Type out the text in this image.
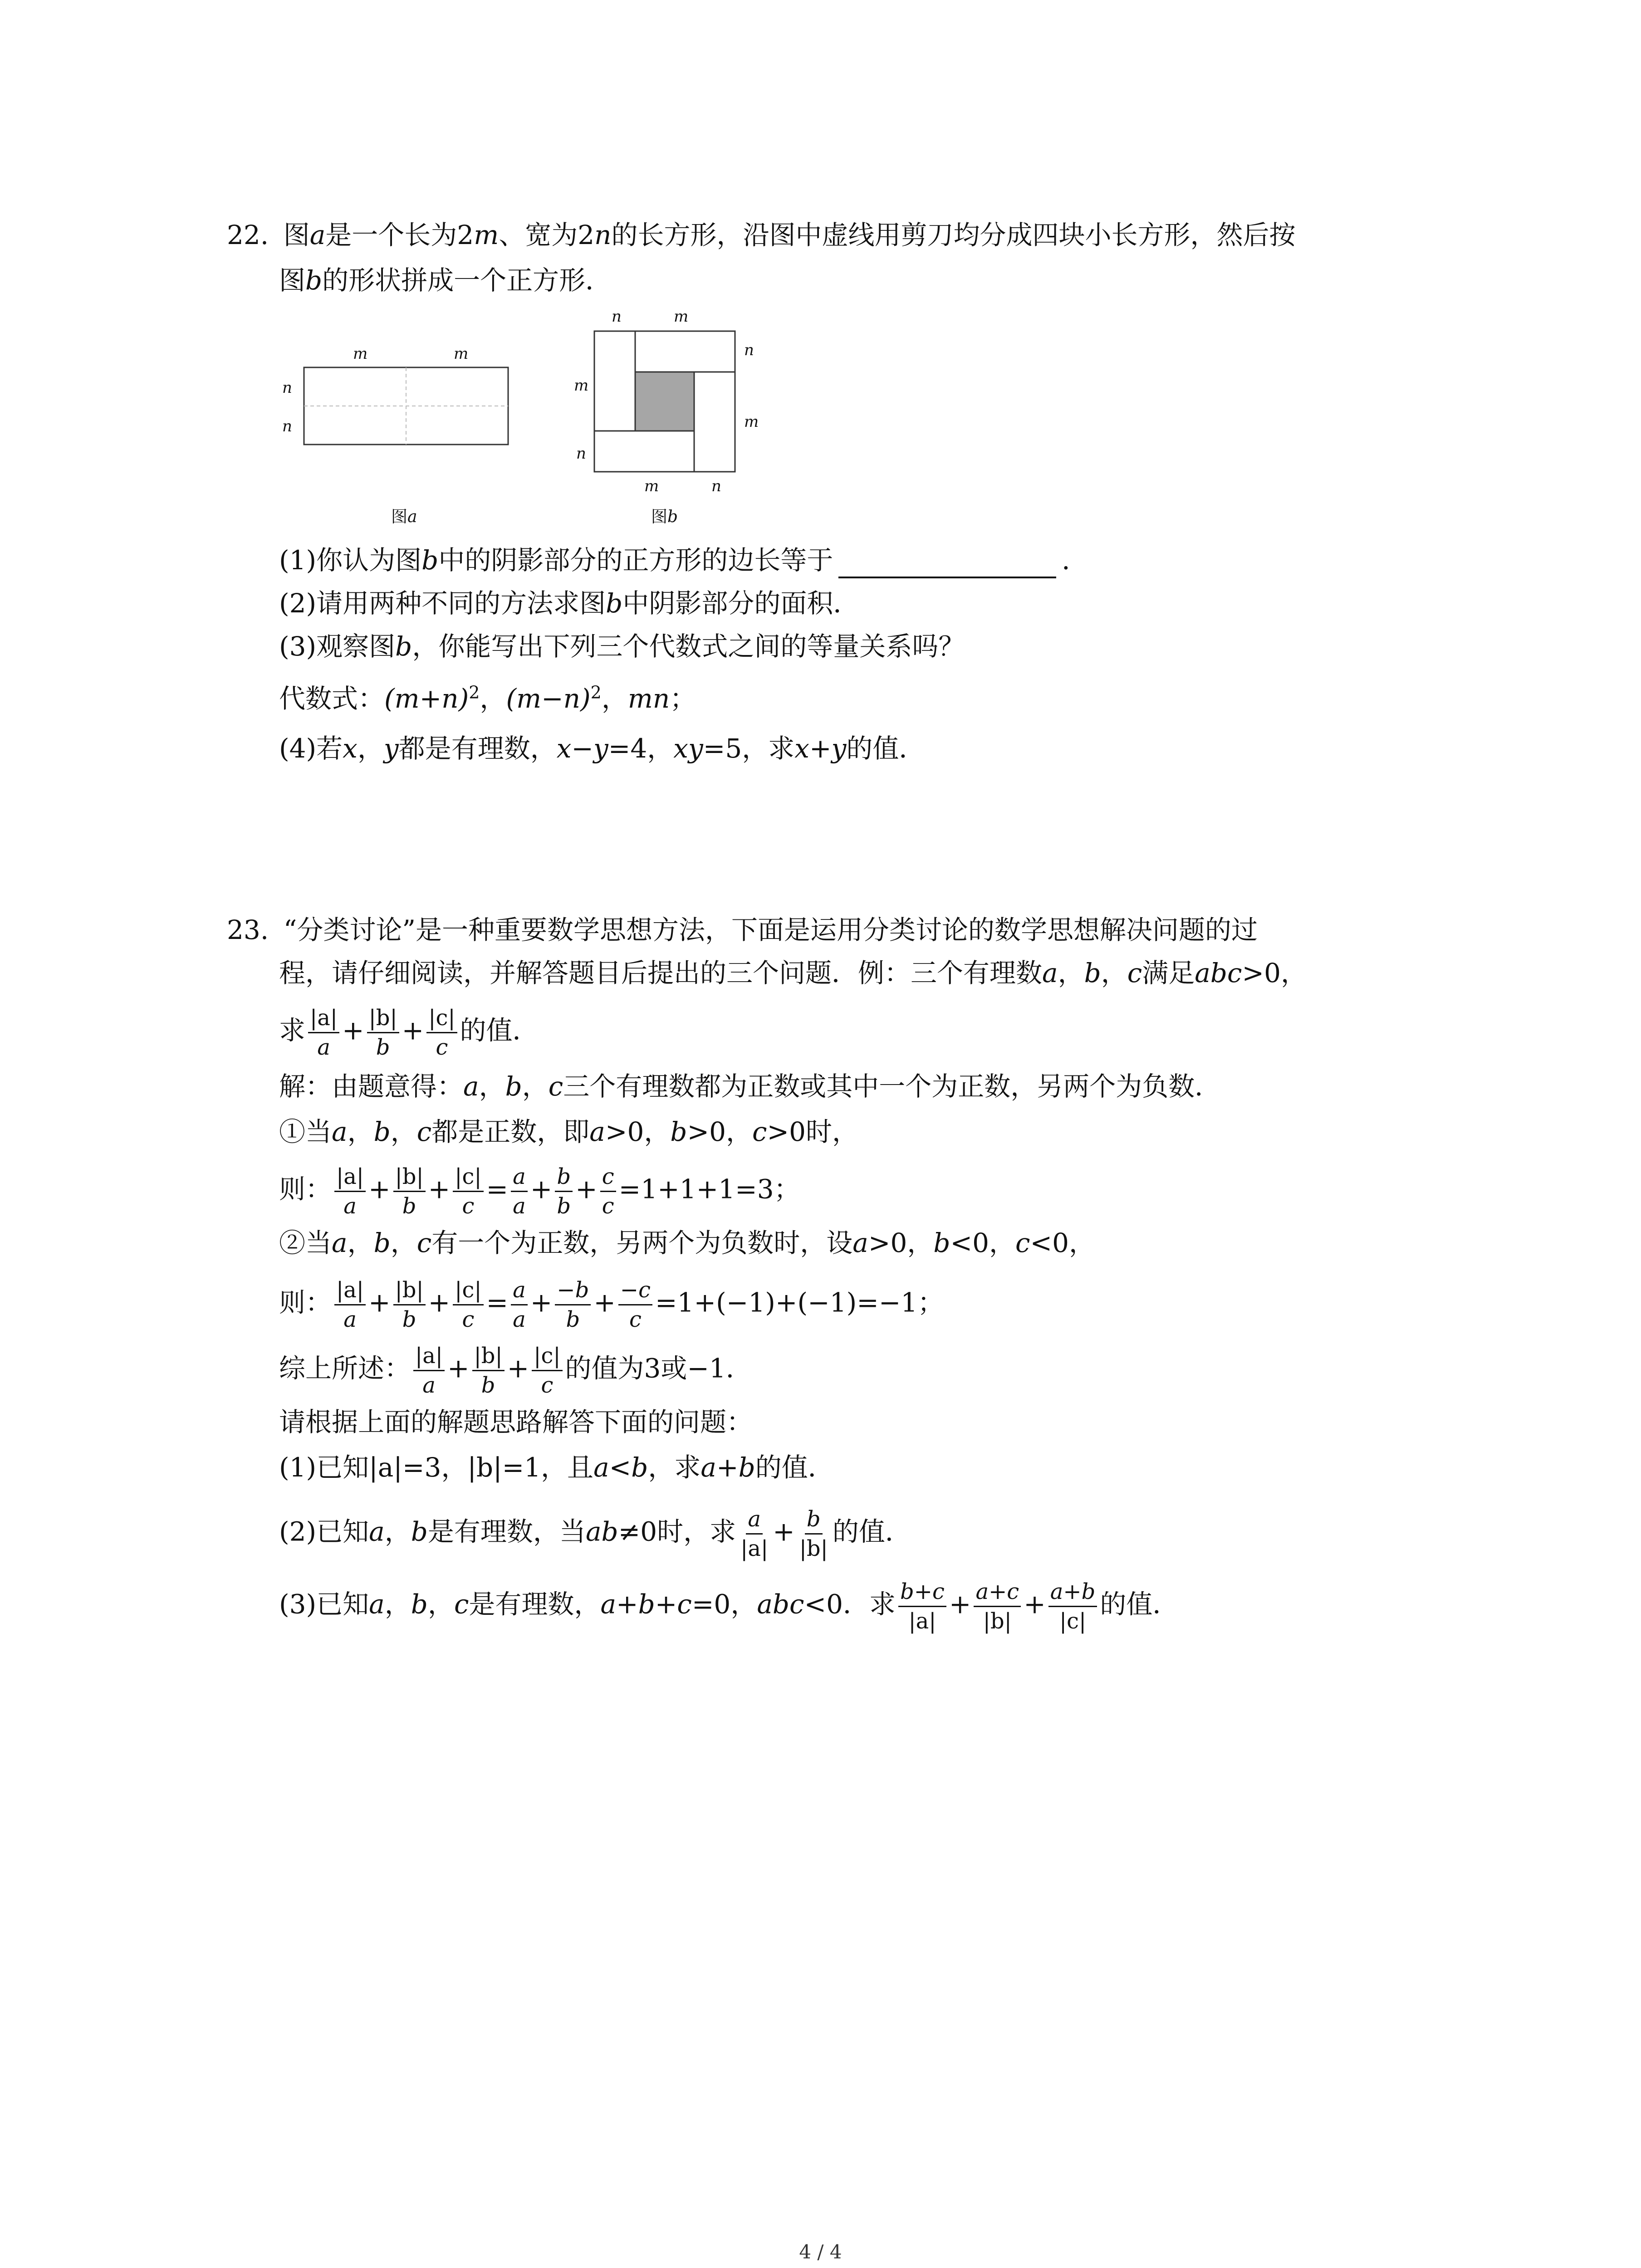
22. 图a是一个长为2m、宽为2n的长方形，沿图中虚线用剪刀均分成四块小长方形，然后按
图b的形状拼成一个正方形．
m	m
n
n
图a
n	m
n
m
m
n
m	n
图b
(1)你认为图b中的阴影部分的正方形的边长等于	．
(2)请用两种不同的方法求图b中阴影部分的面积．
(3)观察图b，你能写出下列三个代数式之间的等量关系吗？
代数式：$(m+n)^2$，$(m-n)^2$，mn；
(4)若x，y都是有理数，x−y=4，xy=5，求x+y的值．
23. “分类讨论”是一种重要数学思想方法，下面是运用分类讨论的数学思想解决问题的过
程，请仔细阅读，并解答题目后提出的三个问题．例：三个有理数a，b，c满足abc>0，
求 $\frac{|a|}{a} + \frac{|b|}{b} + \frac{|c|}{c}$ 的值．
解：由题意得：a，b，c三个有理数都为正数或其中一个为正数，另两个为负数．
①当a，b，c都是正数，即a>0，b>0，c>0时，
则： $\frac{|a|}{a} + \frac{|b|}{b} + \frac{|c|}{c} = \frac{a}{a} + \frac{b}{b} + \frac{c}{c} =1+1+1=3$；
②当a，b，c有一个为正数，另两个为负数时，设a>0，b<0，c<0，
则： $\frac{|a|}{a} + \frac{|b|}{b} + \frac{|c|}{c} = \frac{a}{a} + \frac{-b}{b} + \frac{-c}{c} =1+(-1)+(-1)=-1$；
综上所述： $\frac{|a|}{a} + \frac{|b|}{b} + \frac{|c|}{c}$ 的值为3或−1．
请根据上面的解题思路解答下面的问题：
(1)已知|a|=3，|b|=1，且a<b，求a+b的值．
(2)已知a，b是有理数，当ab≠0时，求 $\frac{a}{|a|} + \frac{b}{|b|}$ 的值．
(3)已知a，b，c是有理数，a+b+c=0，abc<0．求 $\frac{b+c}{|a|} + \frac{a+c}{|b|} + \frac{a+b}{|c|}$ 的值．
4 / 4
